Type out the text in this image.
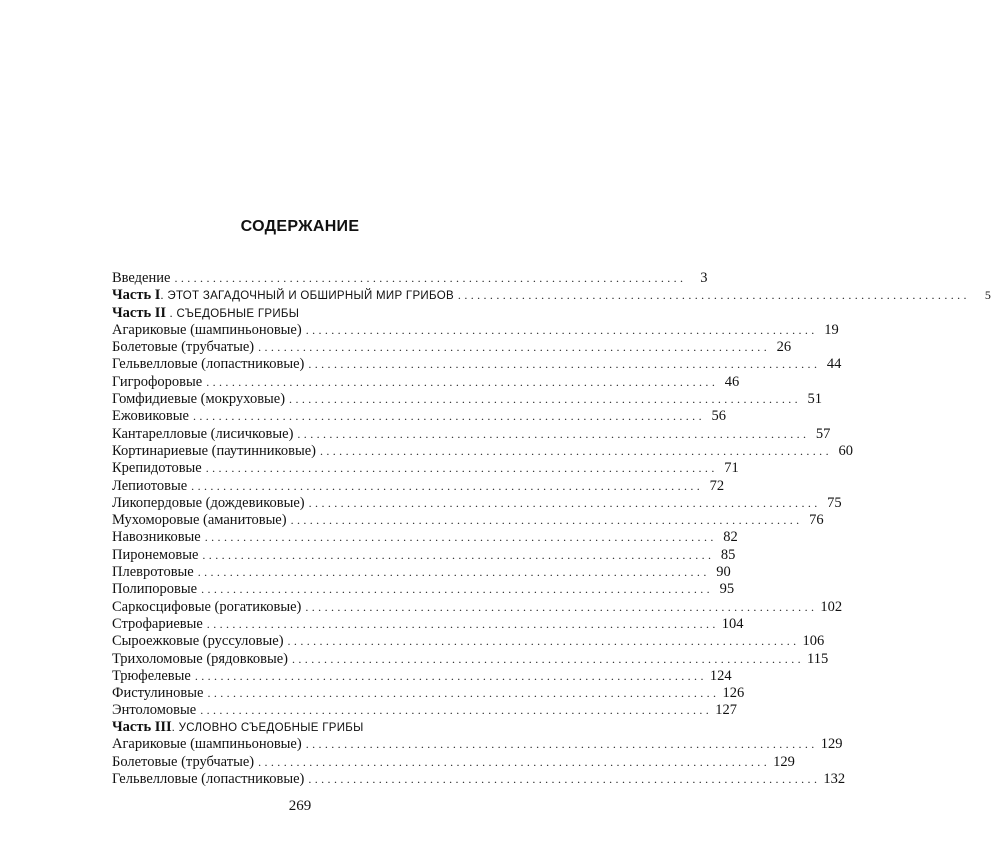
СОДЕРЖАНИЕ
Введение ................................................................................ 3
Часть I. ЭТОТ ЗАГАДОЧНЫЙ И ОБШИРНЫЙ МИР ГРИБОВ ................................................................................	5
Часть II . СЪЕДОБНЫЕ ГРИБЫ
Агариковые (шампиньоновые) ................................................................................ 19
Болетовые (трубчатые) ................................................................................ 26
Гельвелловые (лопастниковые) ................................................................................ 44
Гигрофоровые ................................................................................ 46
Гомфидиевые (мокруховые) ................................................................................ 51
Ежовиковые ................................................................................ 56
Кантарелловые (лисичковые) ................................................................................ 57
Кортинариевые (паутинниковые) ................................................................................ 60
Крепидотовые ................................................................................ 71
Лепиотовые ................................................................................ 72
Ликопердовые (дождевиковые) ................................................................................ 75
Мухоморовые (аманитовые) ................................................................................ 76
Навозниковые ................................................................................ 82
Пиронемовые ................................................................................ 85
Плевротовые ................................................................................ 90
Полипоровые ................................................................................ 95
Саркосцифовые (рогатиковые) ................................................................................ 102
Строфариевые ................................................................................ 104
Сыроежковые (руссуловые) ................................................................................ 106
Трихоломовые (рядовковые) ................................................................................ 115
Трюфелевые ................................................................................ 124
Фистулиновые ................................................................................ 126
Энтоломовые ................................................................................ 127
Часть III. УСЛОВНО СЪЕДОБНЫЕ ГРИБЫ
Агариковые (шампиньоновые) ................................................................................ 129
Болетовые (трубчатые) ................................................................................ 129
Гельвелловые (лопастниковые) ................................................................................ 132
269
